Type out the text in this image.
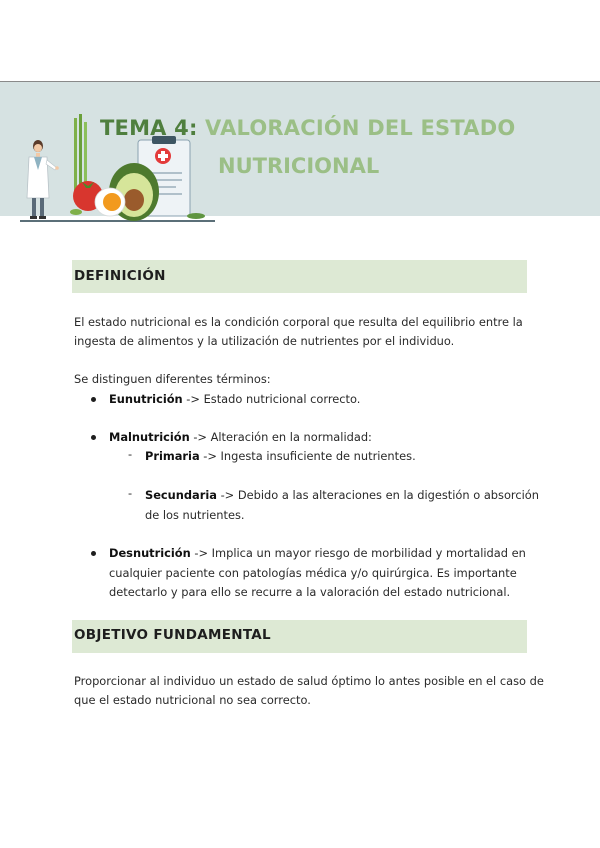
TEMA 4: VALORACIÓN DEL ESTADO
NUTRICIONAL
DEFINICIÓN
El estado nutricional es la condición corporal que resulta del equilibrio entre la
ingesta de alimentos y la utilización de nutrientes por el individuo.
Se distinguen diferentes términos:
Eunutrición -> Estado nutricional correcto.
Malnutrición -> Alteración en la normalidad:
- Primaria -> Ingesta insuficiente de nutrientes.
- Secundaria -> Debido a las alteraciones en la digestión o absorción
de los nutrientes.
Desnutrición -> Implica un mayor riesgo de morbilidad y mortalidad en
cualquier paciente con patologías médica y/o quirúrgica. Es importante
detectarlo y para ello se recurre a la valoración del estado nutricional.
OBJETIVO FUNDAMENTAL
Proporcionar al individuo un estado de salud óptimo lo antes posible en el caso de
que el estado nutricional no sea correcto.
